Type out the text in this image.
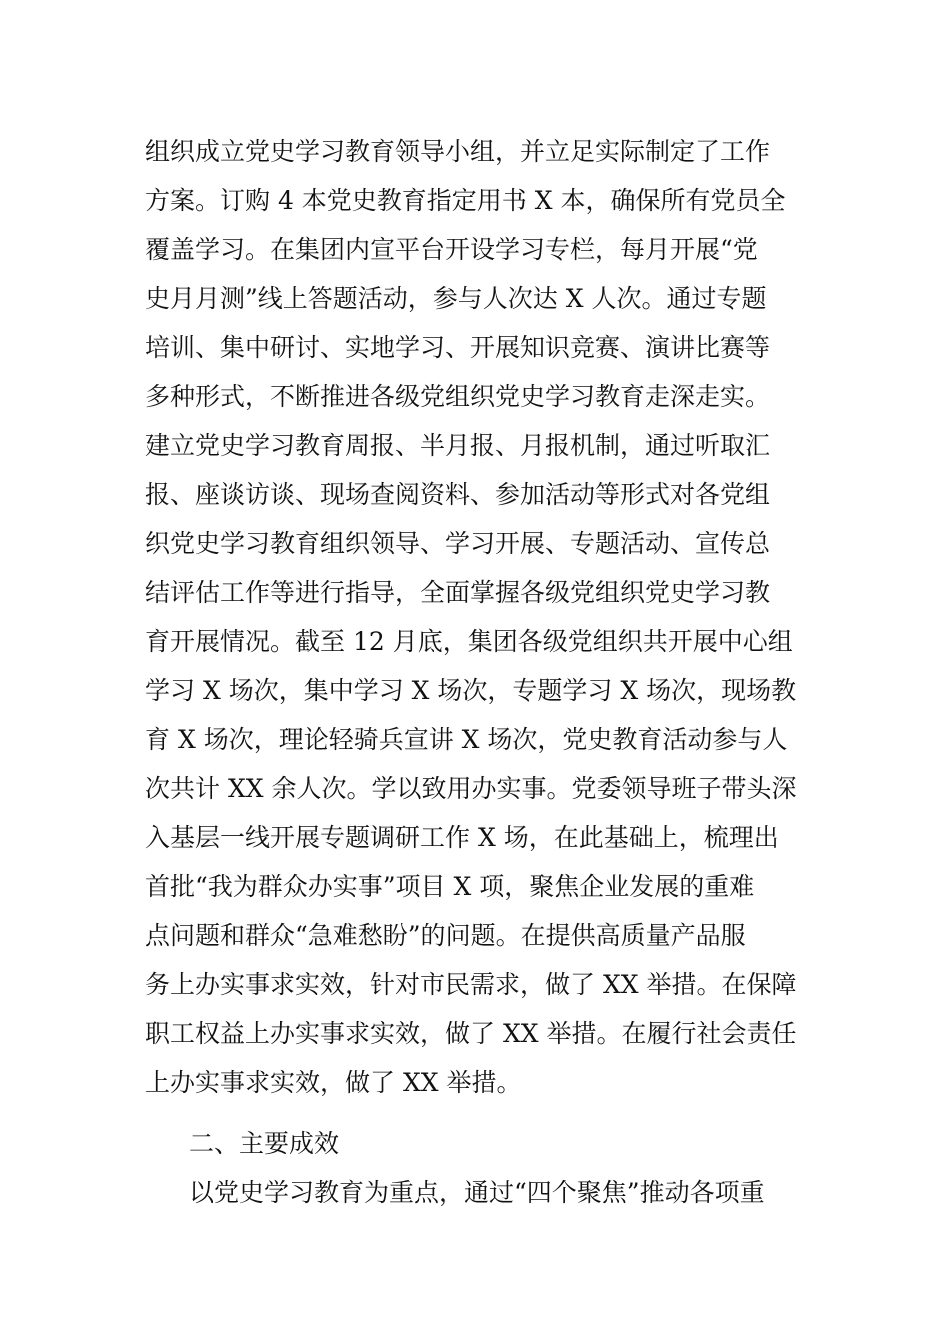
组织成立党史学习教育领导小组，并立足实际制定了工作
方案。订购 4 本党史教育指定用书 X 本，确保所有党员全
覆盖学习。在集团内宣平台开设学习专栏，每月开展“党
史月月测”线上答题活动，参与人次达 X 人次。通过专题
培训、集中研讨、实地学习、开展知识竞赛、演讲比赛等
多种形式，不断推进各级党组织党史学习教育走深走实。
建立党史学习教育周报、半月报、月报机制，通过听取汇
报、座谈访谈、现场查阅资料、参加活动等形式对各党组
织党史学习教育组织领导、学习开展、专题活动、宣传总
结评估工作等进行指导，全面掌握各级党组织党史学习教
育开展情况。截至 12 月底，集团各级党组织共开展中心组
学习 X 场次，集中学习 X 场次，专题学习 X 场次，现场教
育 X 场次，理论轻骑兵宣讲 X 场次，党史教育活动参与人
次共计 XX 余人次。学以致用办实事。党委领导班子带头深
入基层一线开展专题调研工作 X 场，在此基础上，梳理出
首批“我为群众办实事”项目 X 项，聚焦企业发展的重难
点问题和群众“急难愁盼”的问题。在提供高质量产品服
务上办实事求实效，针对市民需求，做了 XX 举措。在保障
职工权益上办实事求实效，做了 XX 举措。在履行社会责任
上办实事求实效，做了 XX 举措。
二、主要成效
以党史学习教育为重点，通过“四个聚焦”推动各项重
